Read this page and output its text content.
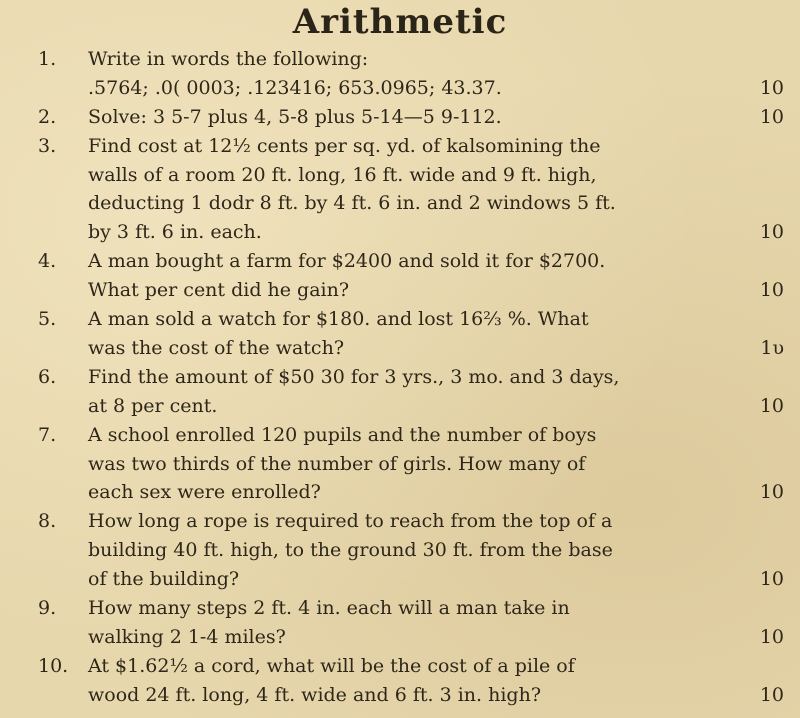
Arithmetic
1.	Write in words the following:
.5764; .0( 0003; .123416; 653.0965; 43.37.	10
2.	Solve: 3 5-7 plus 4, 5-8 plus 5-14—5 9-112.	10
3.	Find cost at 12½ cents per sq. yd. of kalsomining the
walls of a room 20 ft. long, 16 ft. wide and 9 ft. high,
deducting 1 dodr 8 ft. by 4 ft. 6 in. and 2 windows 5 ft.
by 3 ft. 6 in. each.	10
4.	A man bought a farm for $2400 and sold it for $2700.
What per cent did he gain?	10
5.	A man sold a watch for $180. and lost 16⅔ %. What
was the cost of the watch?	1υ
6.	Find the amount of $50 30 for 3 yrs., 3 mo. and 3 days,
at 8 per cent.	10
7.	A school enrolled 120 pupils and the number of boys
was two thirds of the number of girls. How many of
each sex were enrolled?	10
8.	How long a rope is required to reach from the top of a
building 40 ft. high, to the ground 30 ft. from the base
of the building?	10
9.	How many steps 2 ft. 4 in. each will a man take in
walking 2 1-4 miles?	10
10.	At $1.62½ a cord, what will be the cost of a pile of
wood 24 ft. long, 4 ft. wide and 6 ft. 3 in. high?	10
